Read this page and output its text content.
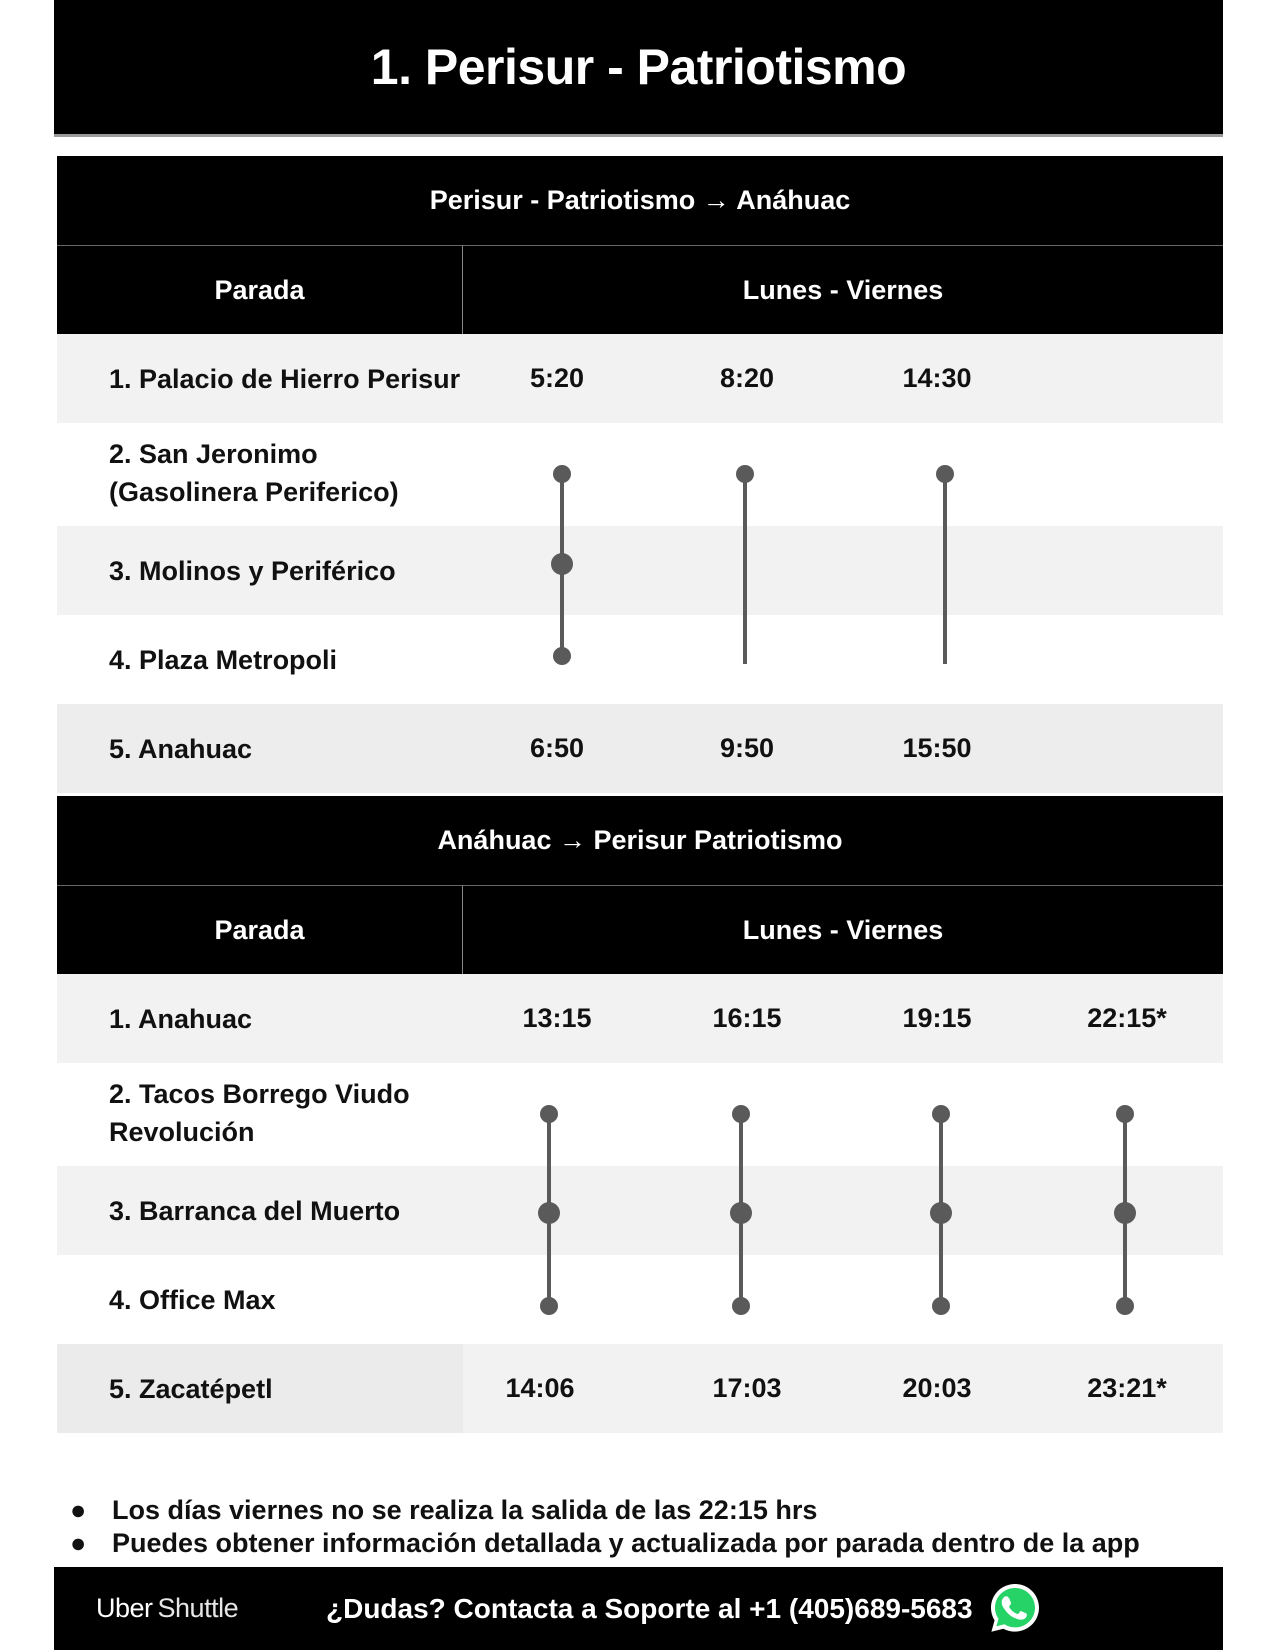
1. Perisur - Patriotismo
Perisur - Patriotismo → Anáhuac
Parada	Lunes - Viernes
1. Palacio de Hierro Perisur	5:20	8:20	14:30
2. San Jeronimo
(Gasolinera Periferico)
3. Molinos y Periférico
4. Plaza Metropoli
5. Anahuac	6:50	9:50	15:50
Anáhuac → Perisur Patriotismo
Parada	Lunes - Viernes
1. Anahuac	13:15	16:15	19:15	22:15*
2. Tacos Borrego Viudo
Revolución
3. Barranca del Muerto
4. Office Max
5. Zacatépetl	14:06	17:03	20:03	23:21*
● Los días viernes no se realiza la salida de las 22:15 hrs
● Puedes obtener información detallada y actualizada por parada dentro de la app
Uber Shuttle	¿Dudas? Contacta a Soporte al +1 (405)689-5683
